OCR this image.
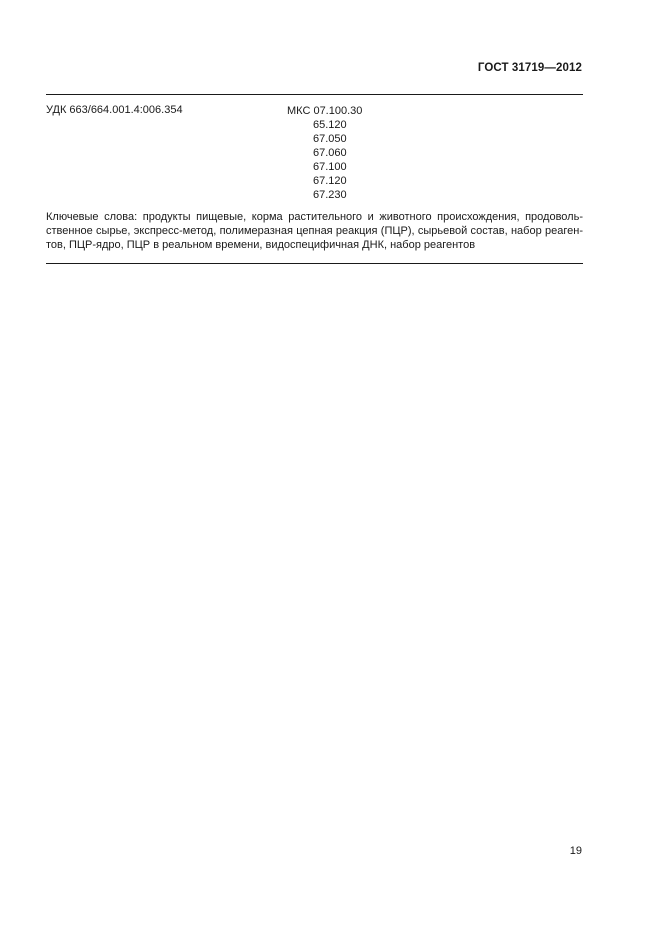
ГОСТ 31719—2012
УДК 663/664.001.4:006.354	МКС 07.100.30
65.120
67.050
67.060
67.100
67.120
67.230
Ключевые слова: продукты пищевые, корма растительного и животного происхождения, продоволь-
ственное сырье, экспресс-метод, полимеразная цепная реакция (ПЦР), сырьевой состав, набор реаген-
тов, ПЦР-ядро, ПЦР в реальном времени, видоспецифичная ДНК, набор реагентов
19
